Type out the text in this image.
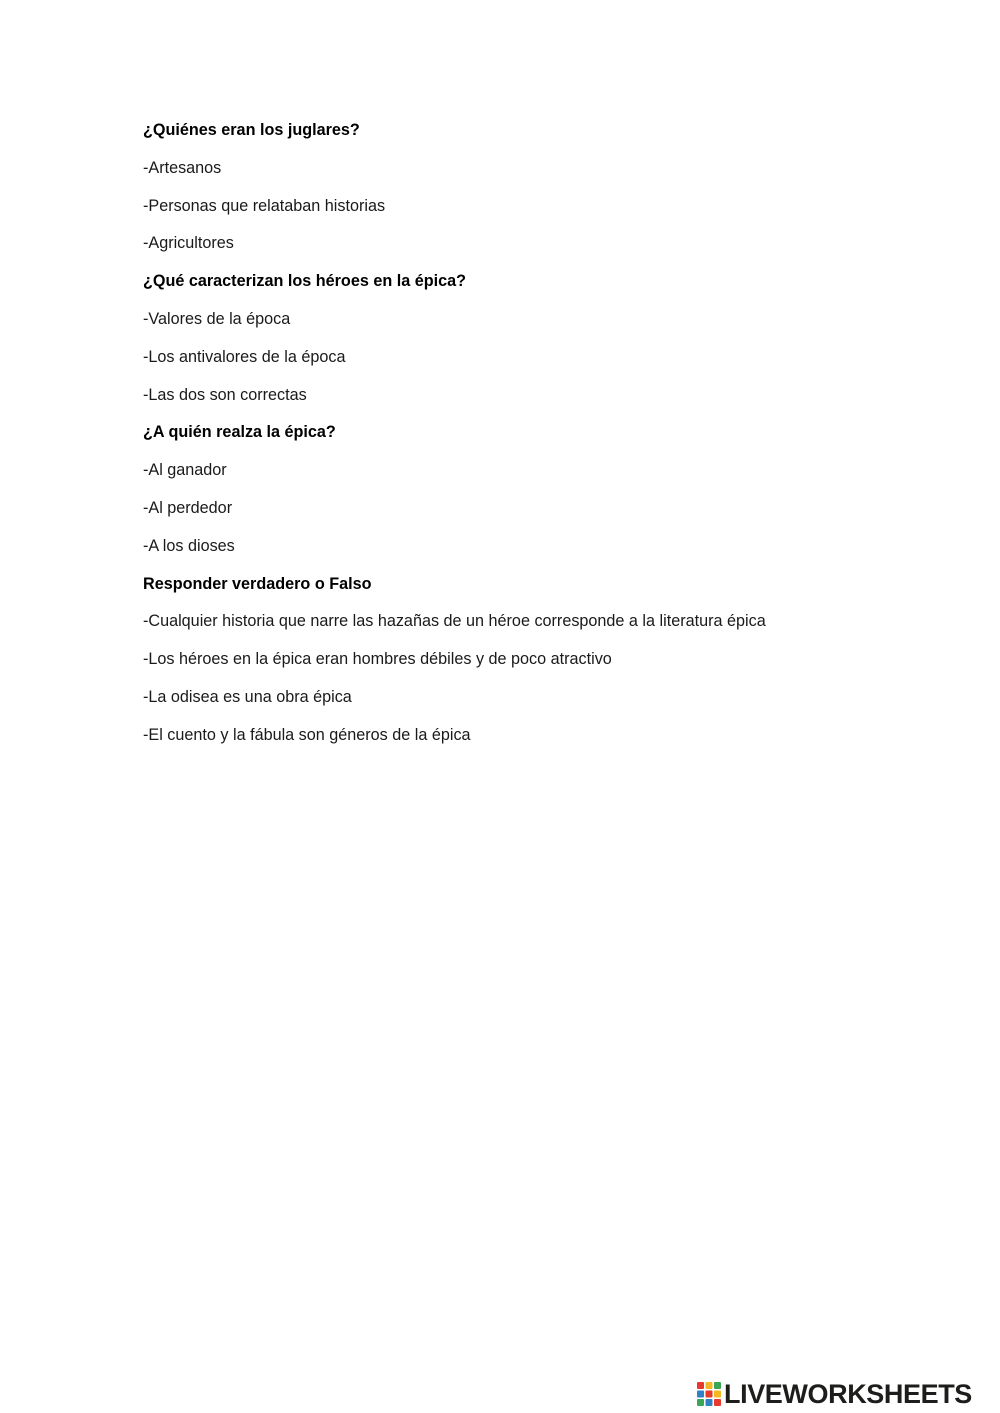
¿Quiénes eran los juglares?
-Artesanos
-Personas que relataban historias
-Agricultores
¿Qué caracterizan los héroes en la épica?
-Valores de la época
-Los antivalores de la época
-Las dos son correctas
¿A quién realza la épica?
-Al ganador
-Al perdedor
-A los dioses
Responder verdadero o Falso
-Cualquier historia que narre las hazañas de un héroe corresponde a la literatura épica
-Los héroes en la épica eran hombres débiles y de poco atractivo
-La odisea es una obra épica
-El cuento y la fábula son géneros de la épica
LIVEWORKSHEETS
